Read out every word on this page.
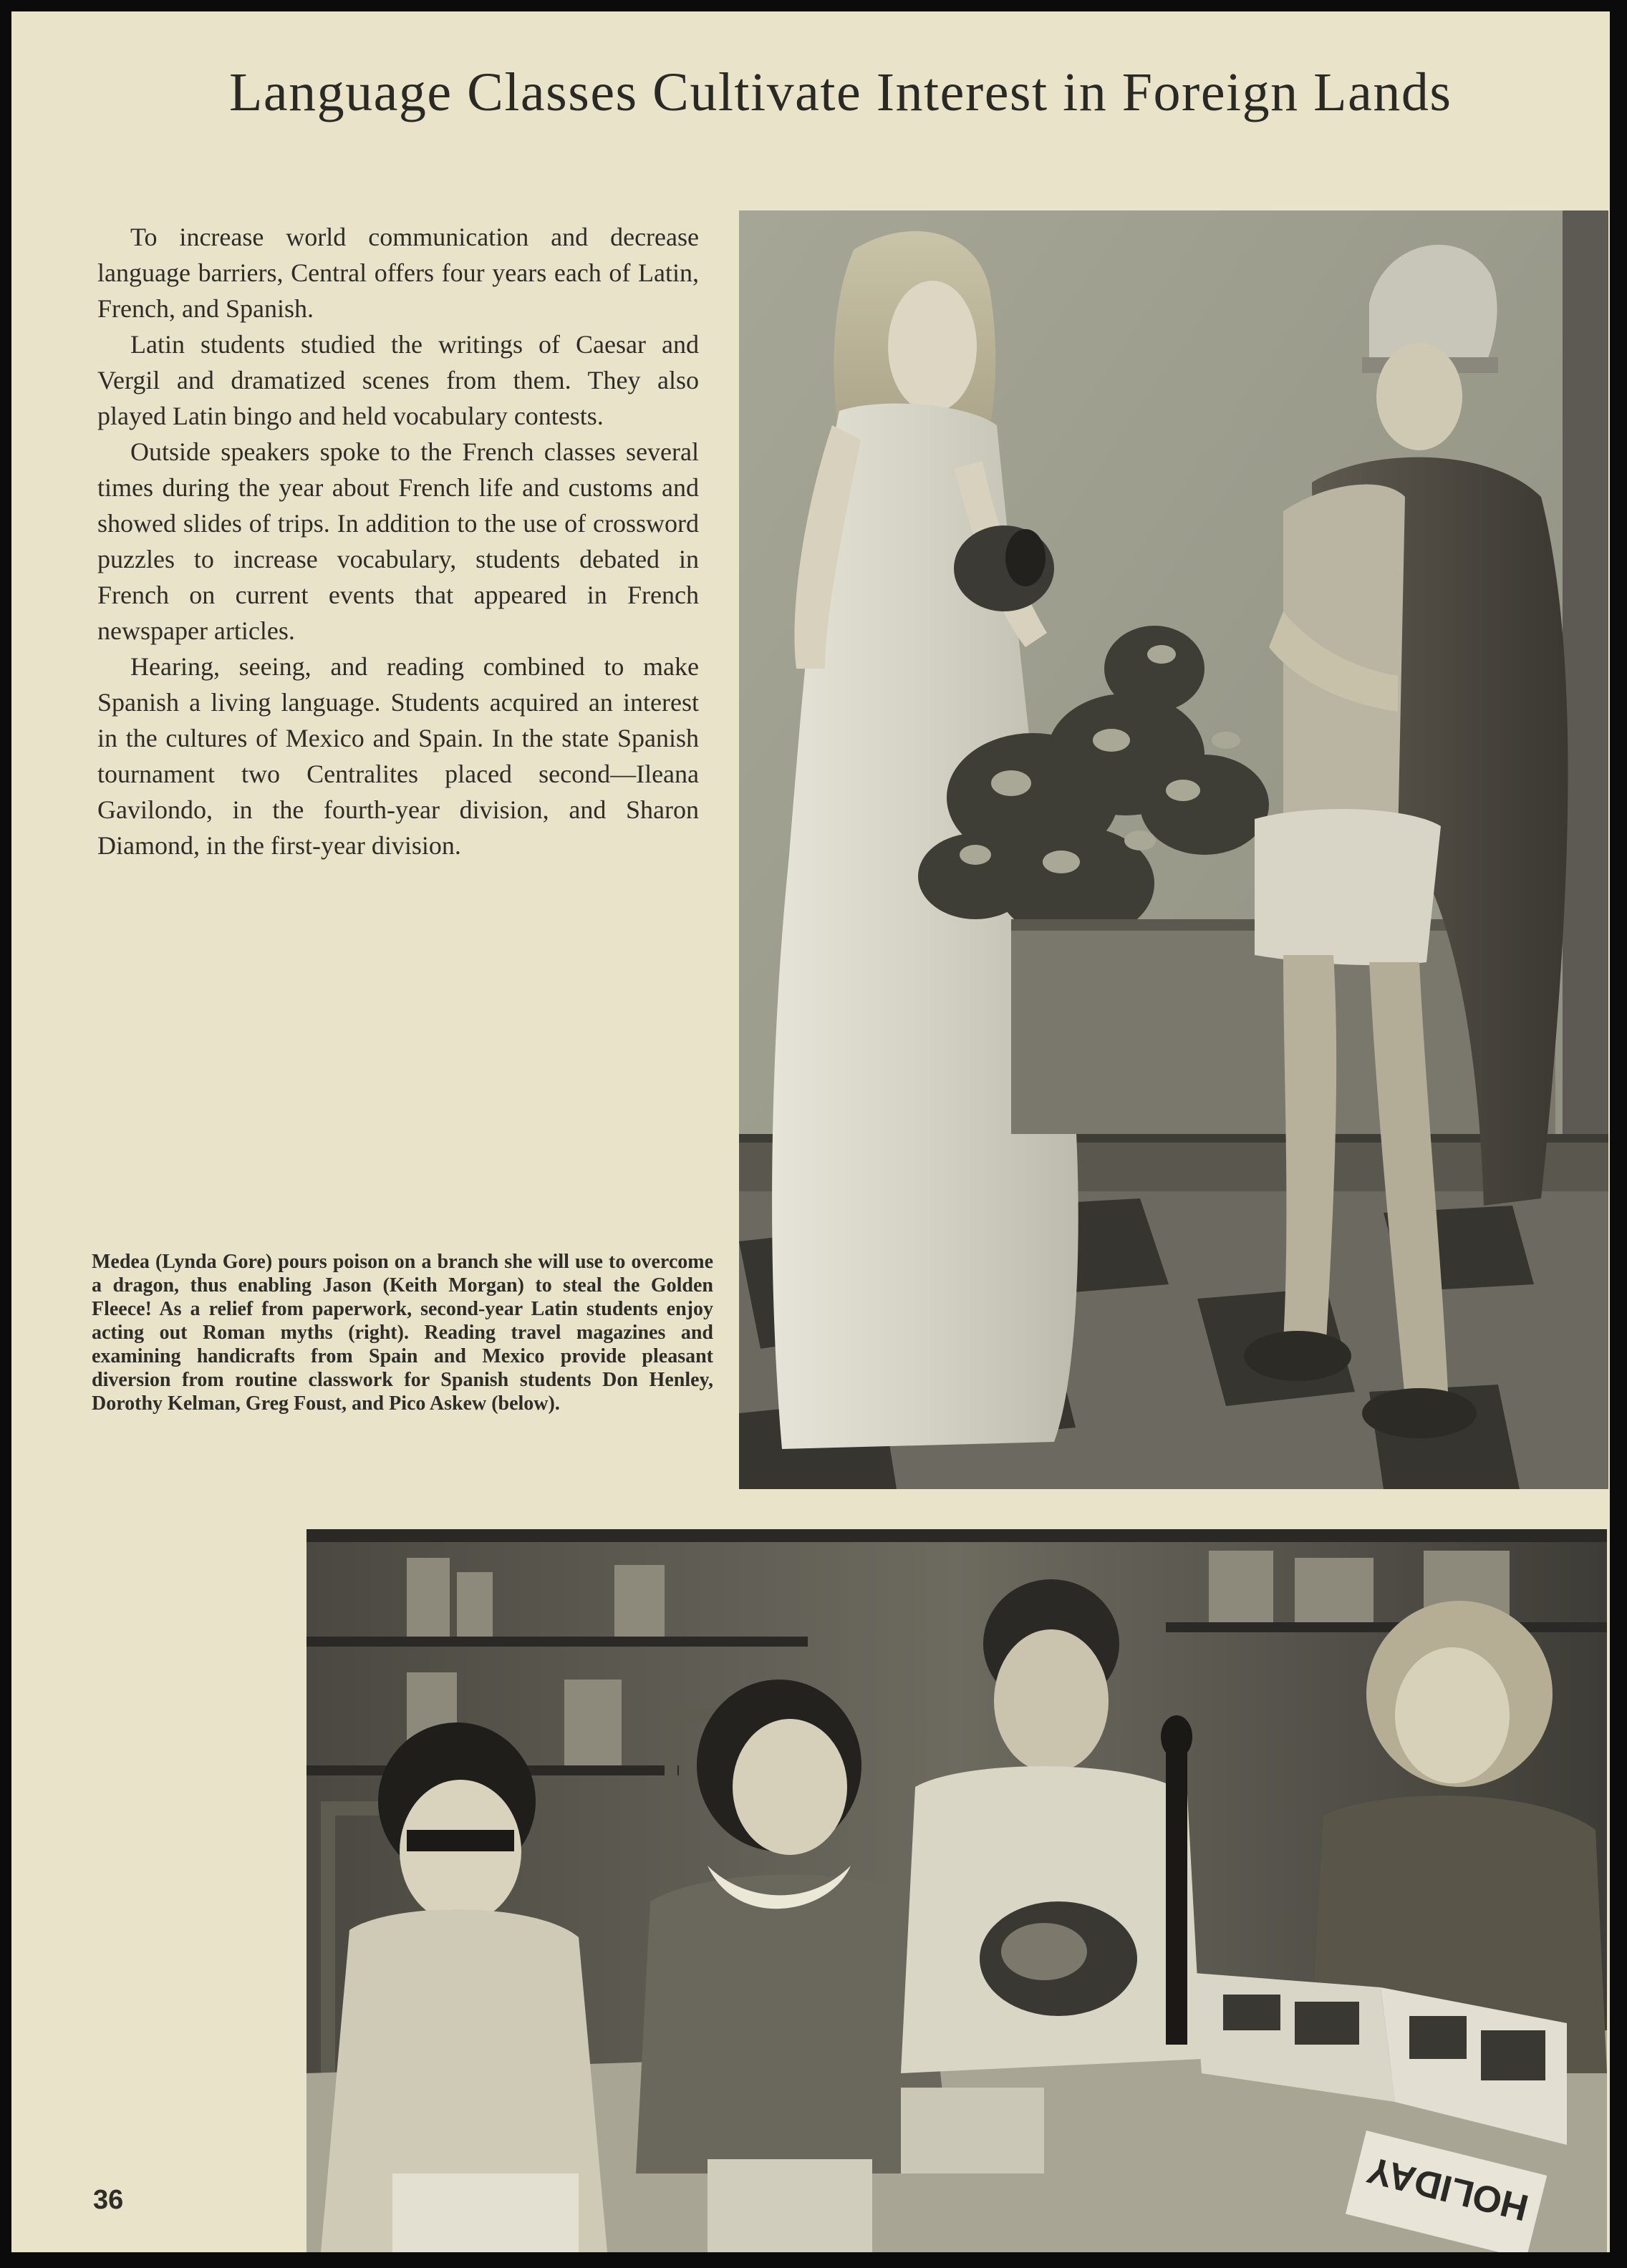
Language Classes Cultivate Interest in Foreign Lands

To increase world communication and decrease language barriers, Central offers four years each of Latin, French, and Spanish.

Latin students studied the writings of Caesar and Vergil and dramatized scenes from them. They also played Latin bingo and held vocabulary contests.

Outside speakers spoke to the French classes several times during the year about French life and customs and showed slides of trips. In addition to the use of crossword puzzles to increase vocabulary, students debated in French on current events that appeared in French newspaper articles.

Hearing, seeing, and reading combined to make Spanish a living language. Students acquired an interest in the cultures of Mexico and Spain. In the state Spanish tournament two Centralites placed second—Ileana Gavilondo, in the fourth-year division, and Sharon Diamond, in the first-year division.

Medea (Lynda Gore) pours poison on a branch she will use to overcome a dragon, thus enabling Jason (Keith Morgan) to steal the Golden Fleece! As a relief from paperwork, second-year Latin students enjoy acting out Roman myths (right). Reading travel magazines and examining handicrafts from Spain and Mexico provide pleasant diversion from routine classwork for Spanish students Don Henley, Dorothy Kelman, Greg Foust, and Pico Askew (below).

HOLIDAY
36
